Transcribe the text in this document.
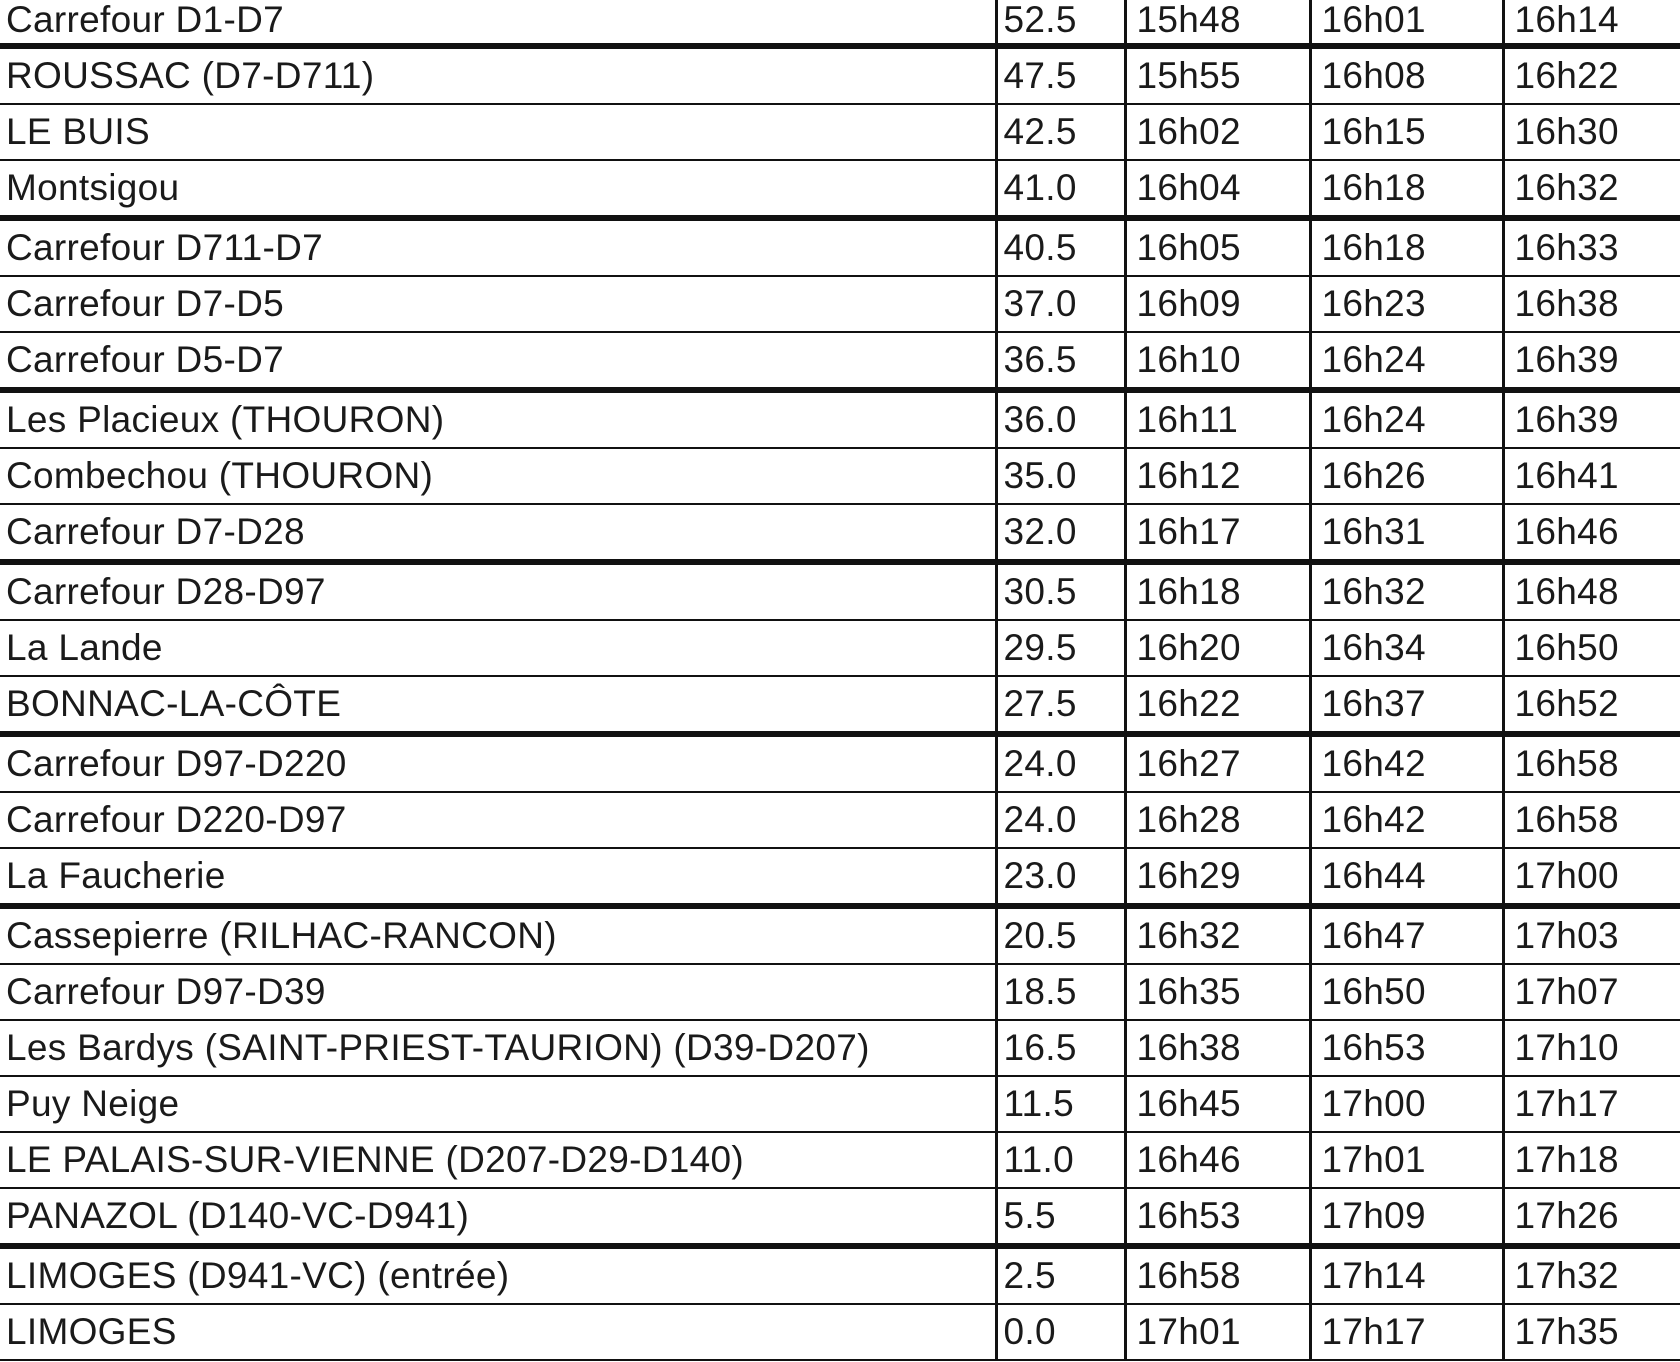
Carrefour D1-D7	52.5	15h48	16h01	16h14
ROUSSAC (D7-D711)	47.5	15h55	16h08	16h22
LE BUIS	42.5	16h02	16h15	16h30
Montsigou	41.0	16h04	16h18	16h32
Carrefour D711-D7	40.5	16h05	16h18	16h33
Carrefour D7-D5	37.0	16h09	16h23	16h38
Carrefour D5-D7	36.5	16h10	16h24	16h39
Les Placieux (THOURON)	36.0	16h11	16h24	16h39
Combechou (THOURON)	35.0	16h12	16h26	16h41
Carrefour D7-D28	32.0	16h17	16h31	16h46
Carrefour D28-D97	30.5	16h18	16h32	16h48
La Lande	29.5	16h20	16h34	16h50
BONNAC-LA-CÔTE	27.5	16h22	16h37	16h52
Carrefour D97-D220	24.0	16h27	16h42	16h58
Carrefour D220-D97	24.0	16h28	16h42	16h58
La Faucherie	23.0	16h29	16h44	17h00
Cassepierre (RILHAC-RANCON)	20.5	16h32	16h47	17h03
Carrefour D97-D39	18.5	16h35	16h50	17h07
Les Bardys (SAINT-PRIEST-TAURION) (D39-D207)	16.5	16h38	16h53	17h10
Puy Neige	11.5	16h45	17h00	17h17
LE PALAIS-SUR-VIENNE (D207-D29-D140)	11.0	16h46	17h01	17h18
PANAZOL (D140-VC-D941)	5.5	16h53	17h09	17h26
LIMOGES (D941-VC) (entrée)	2.5	16h58	17h14	17h32
LIMOGES	0.0	17h01	17h17	17h35
